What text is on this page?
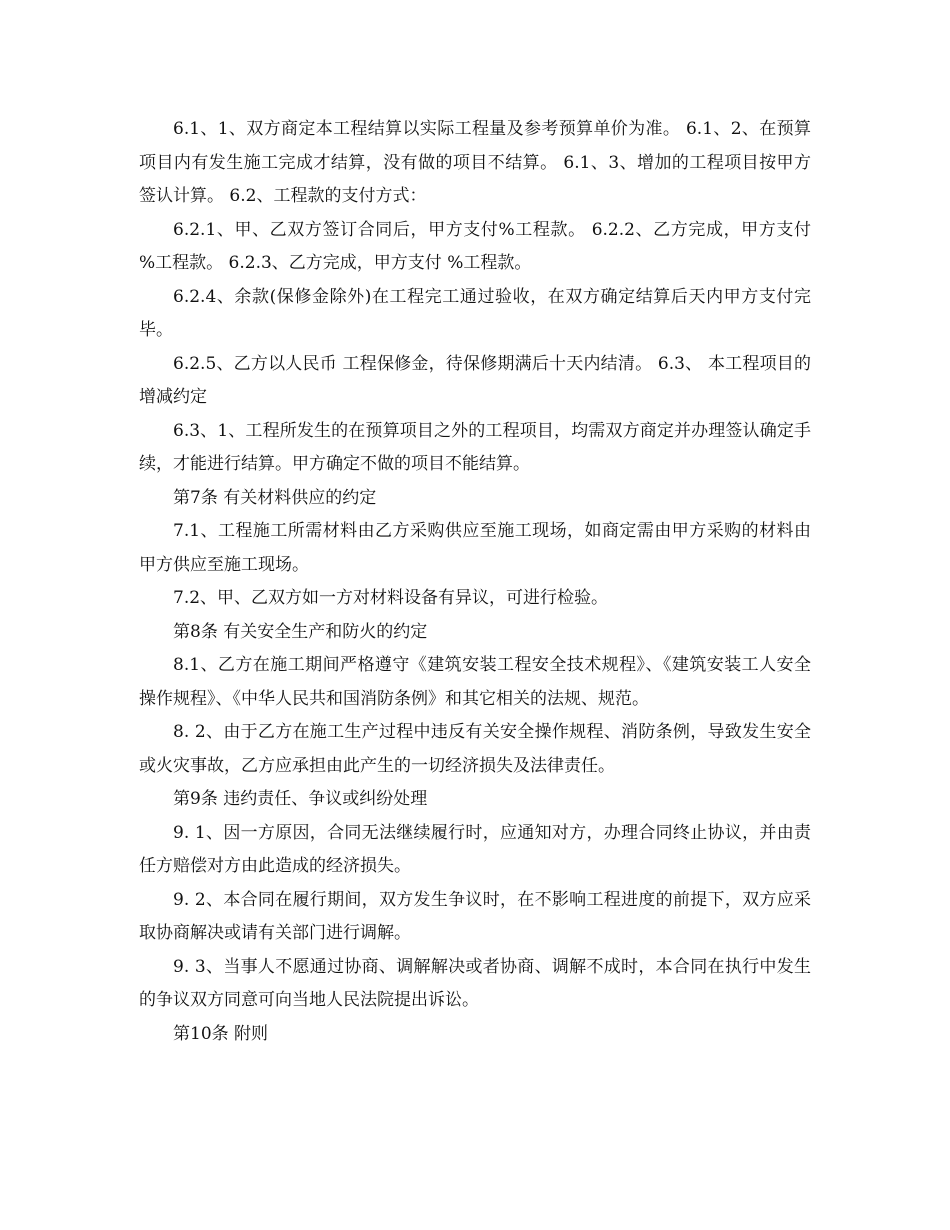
6.1、1、双方商定本工程结算以实际工程量及参考预算单价为准。 6.1、2、在预算项目内有发生施工完成才结算，没有做的项目不结算。 6.1、3、增加的工程项目按甲方签认计算。 6.2、工程款的支付方式：

6.2.1、甲、乙双方签订合同后，甲方支付%工程款。 6.2.2、乙方完成，甲方支付 %工程款。 6.2.3、乙方完成，甲方支付 %工程款。

6.2.4、余款(保修金除外)在工程完工通过验收，在双方确定结算后天内甲方支付完毕。

6.2.5、乙方以人民币 工程保修金，待保修期满后十天内结清。 6.3、 本工程项目的增减约定

6.3、1、工程所发生的在预算项目之外的工程项目，均需双方商定并办理签认确定手续，才能进行结算。甲方确定不做的项目不能结算。

第7条 有关材料供应的约定

7.1、工程施工所需材料由乙方采购供应至施工现场，如商定需由甲方采购的材料由甲方供应至施工现场。

7.2、甲、乙双方如一方对材料设备有异议，可进行检验。

第8条 有关安全生产和防火的约定

8.1、乙方在施工期间严格遵守《建筑安装工程安全技术规程》、《建筑安装工人安全操作规程》、《中华人民共和国消防条例》和其它相关的法规、规范。

8. 2、由于乙方在施工生产过程中违反有关安全操作规程、消防条例，导致发生安全或火灾事故，乙方应承担由此产生的一切经济损失及法律责任。

第9条 违约责任、争议或纠纷处理

9. 1、因一方原因，合同无法继续履行时，应通知对方，办理合同终止协议，并由责任方赔偿对方由此造成的经济损失。

9. 2、本合同在履行期间，双方发生争议时，在不影响工程进度的前提下，双方应采取协商解决或请有关部门进行调解。

9. 3、当事人不愿通过协商、调解解决或者协商、调解不成时，本合同在执行中发生的争议双方同意可向当地人民法院提出诉讼。

第10条 附则
